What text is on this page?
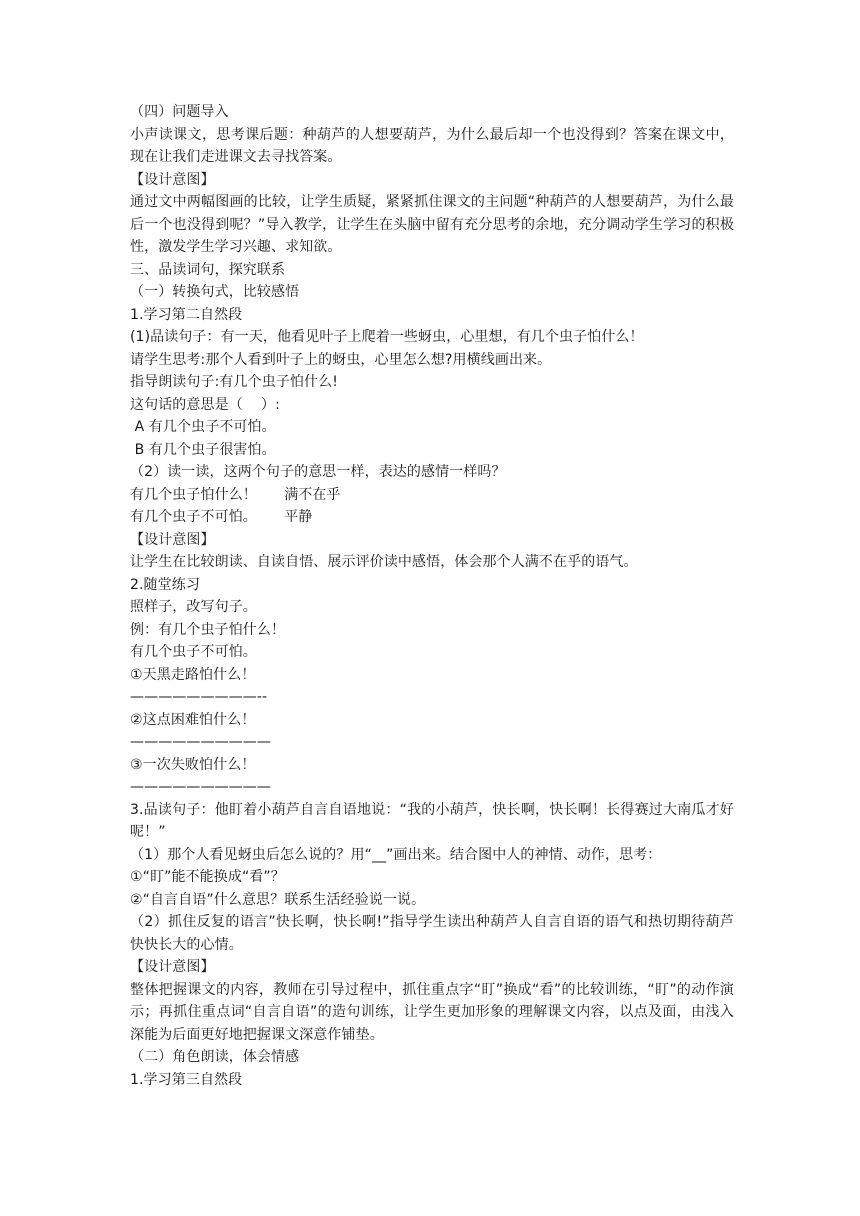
（四）问题导入

小声读课文，思考课后题：种葫芦的人想要葫芦，为什么最后却一个也没得到？答案在课文中，现在让我们走进课文去寻找答案。

【设计意图】

通过文中两幅图画的比较，让学生质疑，紧紧抓住课文的主问题“种葫芦的人想要葫芦，为什么最后一个也没得到呢？”导入教学，让学生在头脑中留有充分思考的余地，充分调动学生学习的积极性，激发学生学习兴趣、求知欲。

三、品读词句，探究联系

（一）转换句式，比较感悟

1.学习第二自然段

(1)品读句子：有一天，他看见叶子上爬着一些蚜虫，心里想，有几个虫子怕什么！

请学生思考:那个人看到叶子上的蚜虫，心里怎么想?用横线画出来。

指导朗读句子:有几个虫子怕什么!

这句话的意思是（    ）:

A 有几个虫子不可怕。

B 有几个虫子很害怕。

（2）读一读，这两个句子的意思一样，表达的感情一样吗？

有几个虫子怕什么！      满不在乎

有几个虫子不可怕。      平静

【设计意图】

让学生在比较朗读、自读自悟、展示评价读中感悟，体会那个人满不在乎的语气。

2.随堂练习

照样子，改写句子。

例：有几个虫子怕什么！

有几个虫子不可怕。

①天黑走路怕什么！

—————————--

②这点困难怕什么！

——————————

③一次失败怕什么！

——————————

3.品读句子：他盯着小葫芦自言自语地说：“我的小葫芦，快长啊，快长啊！长得赛过大南瓜才好呢！”

（1）那个人看见蚜虫后怎么说的？用“__”画出来。结合图中人的神情、动作，思考：

①“盯”能不能换成“看”？

②“自言自语”什么意思？联系生活经验说一说。

（2）抓住反复的语言”快长啊，快长啊!”指导学生读出种葫芦人自言自语的语气和热切期待葫芦快快长大的心情。

【设计意图】

整体把握课文的内容，教师在引导过程中，抓住重点字“盯”换成“看”的比较训练，“盯”的动作演示；再抓住重点词“自言自语”的造句训练，让学生更加形象的理解课文内容，以点及面，由浅入深能为后面更好地把握课文深意作铺垫。

（二）角色朗读，体会情感

1.学习第三自然段
